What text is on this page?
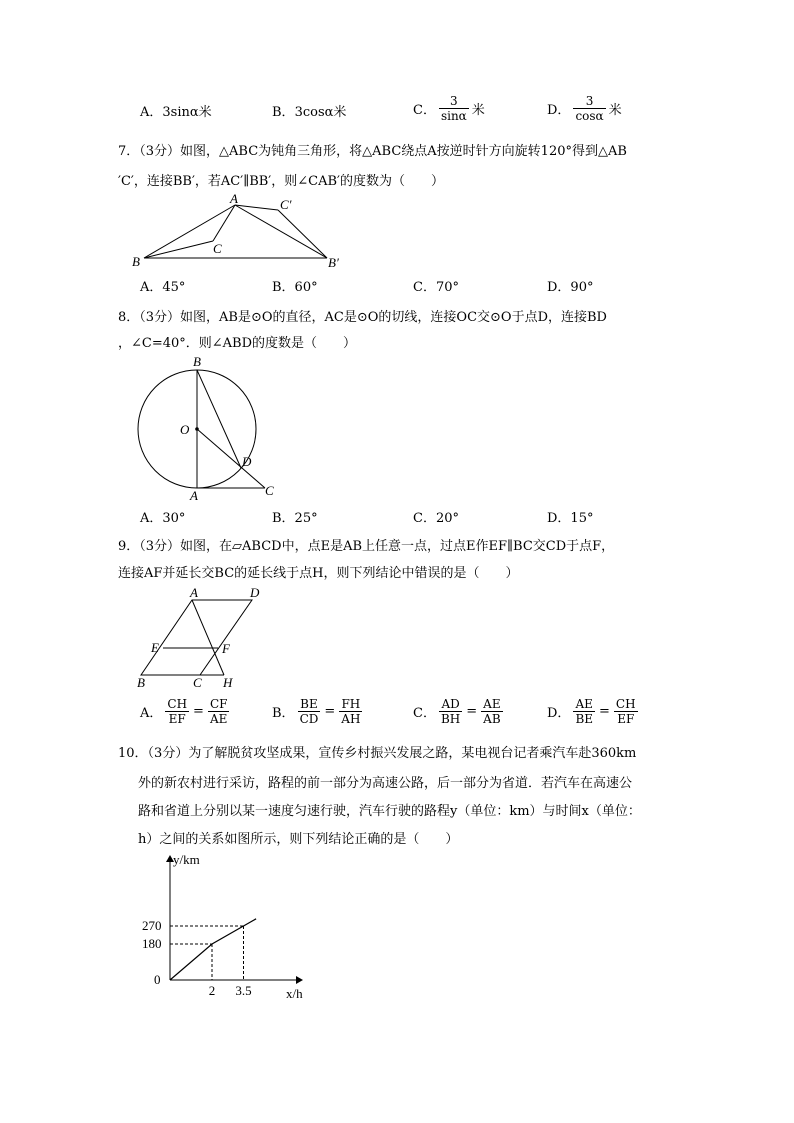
A．3sinα米	B．3cosα米	C． $\frac{3}{\sin\alpha}$ 米	D． $\frac{3}{\cos\alpha}$ 米
7．（3分）如图，△ABC为钝角三角形，将△ABC绕点A按逆时针方向旋转120°得到△AB
′C′，连接BB′，若AC′∥BB′，则∠CAB′的度数为（　　）
A
B
C
C′
B′
A．45°	B．60°	C．70°	D．90°
8．（3分）如图，AB是⊙O的直径，AC是⊙O的切线，连接OC交⊙O于点D，连接BD
，∠C=40°．则∠ABD的度数是（　　）
B
O
D
A	C
A．30°	B．25°	C．20°	D．15°
9．（3分）如图，在▱ABCD中，点E是AB上任意一点，过点E作EF∥BC交CD于点F，
连接AF并延长交BC的延长线于点H，则下列结论中错误的是（　　）
A	D
E	F
B	C H
A． $\frac{CH}{EF} = \frac{CF}{AE}$	B． $\frac{BE}{CD} = \frac{FH}{AH}$	C． $\frac{AD}{BH} = \frac{AE}{AB}$	D． $\frac{AE}{BE} = \frac{CH}{EF}$
10．（3分）为了解脱贫攻坚成果，宣传乡村振兴发展之路，某电视台记者乘汽车赴360km
外的新农村进行采访，路程的前一部分为高速公路，后一部分为省道．若汽车在高速公
路和省道上分别以某一速度匀速行驶，汽车行驶的路程y（单位：km）与时间x（单位：
h）之间的关系如图所示，则下列结论正确的是（　　）
y/km
x/h
0
180
270
2 3.5
